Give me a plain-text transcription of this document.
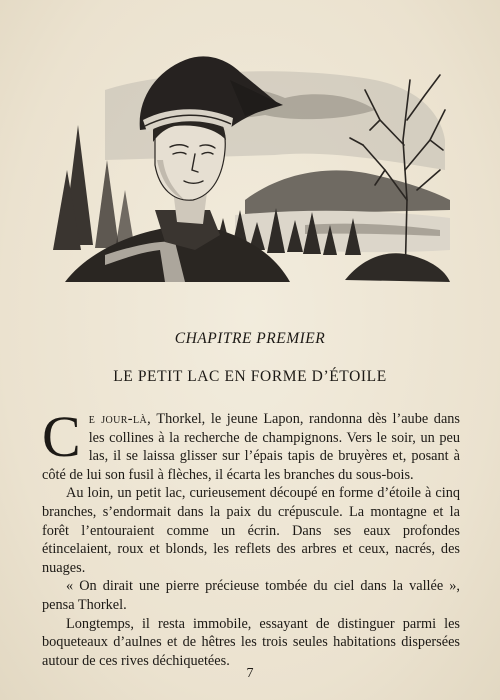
CHAPITRE PREMIER
LE PETIT LAC EN FORME D’ÉTOILE

Ce jour-là, Thorkel, le jeune Lapon, randonna dès l’aube dans les collines à la recherche de champignons. Vers le soir, un peu las, il se laissa glisser sur l’épais tapis de bruyères et, posant à côté de lui son fusil à flèches, il écarta les branches du sous-bois.

Au loin, un petit lac, curieusement découpé en forme d’étoile à cinq branches, s’endormait dans la paix du crépuscule. La montagne et la forêt l’entouraient comme un écrin. Dans ses eaux profondes étincelaient, roux et blonds, les reflets des arbres et ceux, nacrés, des nuages.

« On dirait une pierre précieuse tombée du ciel dans la vallée », pensa Thorkel.

Longtemps, il resta immobile, essayant de distinguer parmi les boqueteaux d’aulnes et de hêtres les trois seules habitations dispersées autour de ces rives déchiquetées.

7
